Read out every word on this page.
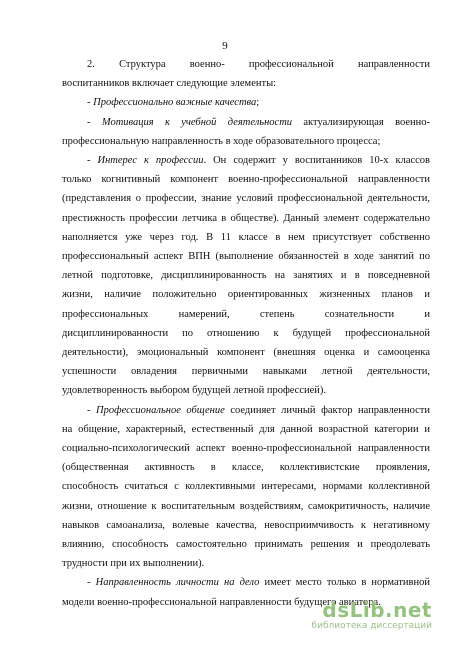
9
2. Структура военно- профессиональной направленности
воспитанников включает следующие элементы:
- Профессионально важные качества;
- Мотивация к учебной деятельности актуализирующая военно-
профессиональную направленность в ходе образовательного процесса;
- Интерес к профессии. Он содержит у воспитанников 10-х классов
только когнитивный компонент военно-профессиональной направленности
(представления о профессии, знание условий профессиональной деятельности,
престижность профессии летчика в обществе). Данный элемент содержательно
наполняется уже через год. В 11 классе в нем присутствует собственно
профессиональный аспект ВПН (выполнение обязанностей в ходе занятий по
летной подготовке, дисциплинированность на занятиях и в повседневной
жизни, наличие положительно ориентированных жизненных планов и
профессиональных намерений, степень сознательности и
дисциплинированности по отношению к будущей профессиональной
деятельности), эмоциональный компонент (внешняя оценка и самооценка
успешности овладения первичными навыками летной деятельности,
удовлетворенность выбором будущей летной профессией).
- Профессиональное общение соединяет личный фактор направленности
на общение, характерный, естественный для данной возрастной категории и
социально-психологический аспект военно-профессиональной направленности
(общественная активность в классе, коллективистские проявления,
способность считаться с коллективными интересами, нормами коллективной
жизни, отношение к воспитательным воздействиям, самокритичность, наличие
навыков самоанализа, волевые качества, невосприимчивость к негативному
влиянию, способность самостоятельно принимать решения и преодолевать
трудности при их выполнении).
- Направленность личности на дело имеет место только в нормативной
модели военно-профессиональной направленности будущего авиатора.
dsLib.net
библиотека диссертаций
